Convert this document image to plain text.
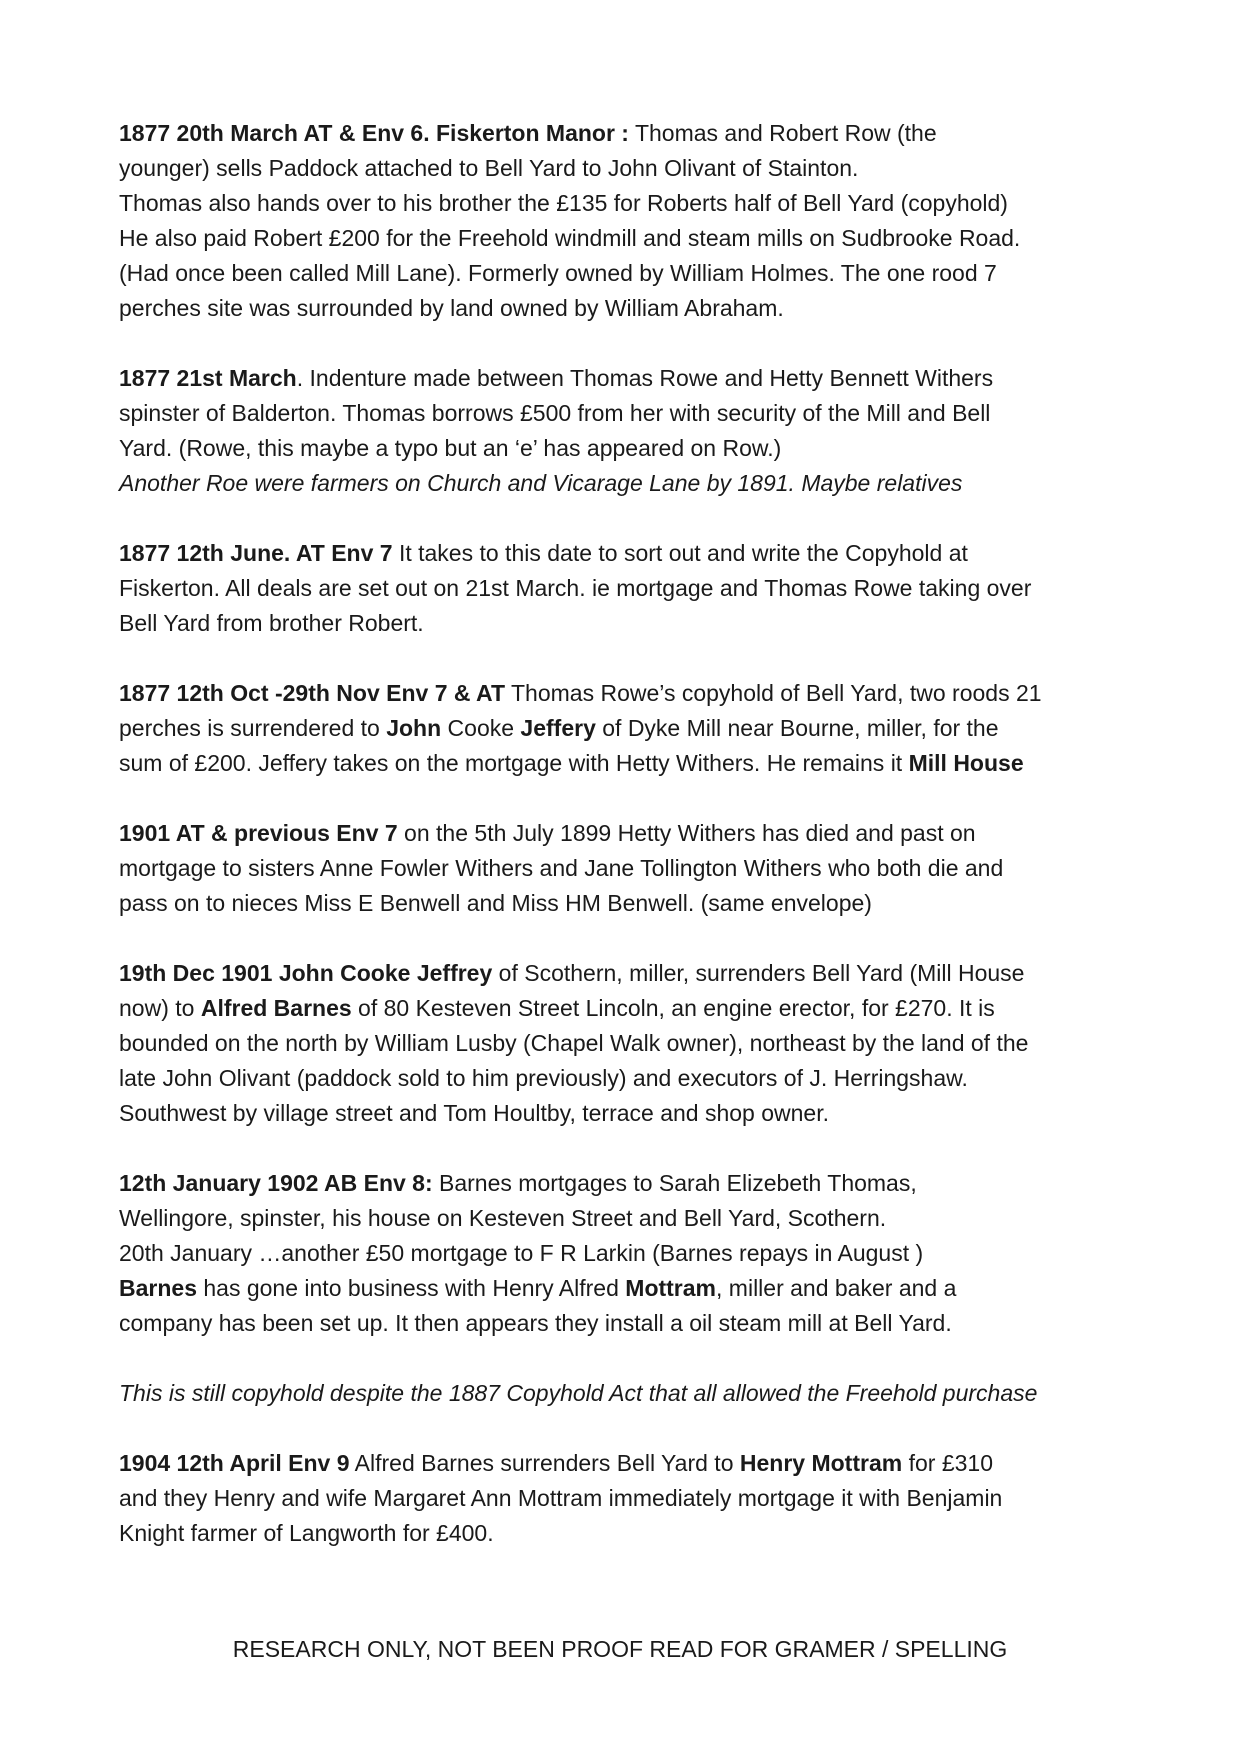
1877 20th March AT & Env 6. Fiskerton Manor : Thomas and Robert Row (the
younger) sells Paddock attached to Bell Yard to John Olivant of Stainton.
Thomas also hands over to his brother the £135 for Roberts half of Bell Yard (copyhold)
He also paid Robert £200 for the Freehold windmill and steam mills on Sudbrooke Road.
(Had once been called Mill Lane). Formerly owned by William Holmes. The one rood 7
perches site was surrounded by land owned by William Abraham.
1877 21st March. Indenture made between Thomas Rowe and Hetty Bennett Withers
spinster of Balderton. Thomas borrows £500 from her with security of the Mill and Bell
Yard. (Rowe, this maybe a typo but an ‘e’ has appeared on Row.)
Another Roe were farmers on Church and Vicarage Lane by 1891. Maybe relatives
1877 12th June. AT Env 7 It takes to this date to sort out and write the Copyhold at
Fiskerton. All deals are set out on 21st March. ie mortgage and Thomas Rowe taking over
Bell Yard from brother Robert.
1877 12th Oct -29th Nov Env 7 & AT Thomas Rowe’s copyhold of Bell Yard, two roods 21
perches is surrendered to John Cooke Jeffery of Dyke Mill near Bourne, miller, for the
sum of £200. Jeffery takes on the mortgage with Hetty Withers. He remains it Mill House
1901 AT & previous Env 7 on the 5th July 1899 Hetty Withers has died and past on
mortgage to sisters Anne Fowler Withers and Jane Tollington Withers who both die and
pass on to nieces Miss E Benwell and Miss HM Benwell. (same envelope)
19th Dec 1901 John Cooke Jeffrey of Scothern, miller, surrenders Bell Yard (Mill House
now) to Alfred Barnes of 80 Kesteven Street Lincoln, an engine erector, for £270. It is
bounded on the north by William Lusby (Chapel Walk owner), northeast by the land of the
late John Olivant (paddock sold to him previously) and executors of J. Herringshaw.
Southwest by village street and Tom Houltby, terrace and shop owner.
12th January 1902 AB Env 8: Barnes mortgages to Sarah Elizebeth Thomas,
Wellingore, spinster, his house on Kesteven Street and Bell Yard, Scothern.
20th January …another £50 mortgage to F R Larkin (Barnes repays in August )
Barnes has gone into business with Henry Alfred Mottram, miller and baker and a
company has been set up. It then appears they install a oil steam mill at Bell Yard.
This is still copyhold despite the 1887 Copyhold Act that all allowed the Freehold purchase
1904 12th April Env 9 Alfred Barnes surrenders Bell Yard to Henry Mottram for £310
and they Henry and wife Margaret Ann Mottram immediately mortgage it with Benjamin
Knight farmer of Langworth for £400.
RESEARCH ONLY, NOT BEEN PROOF READ FOR GRAMER / SPELLING
